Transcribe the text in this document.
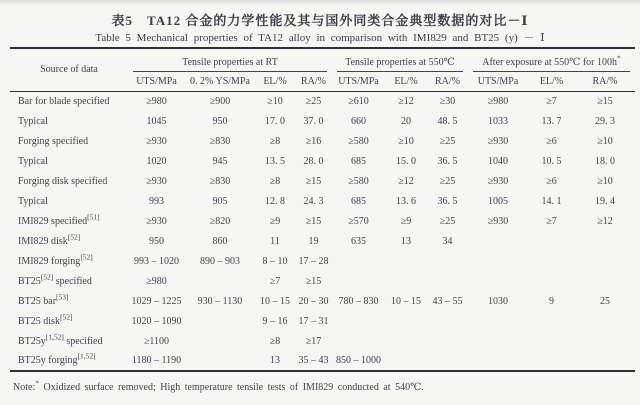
表5　TA12 合金的力学性能及其与国外同类合金典型数据的对比－Ⅰ
Table 5 Mechanical properties of TA12 alloy in comparison with IMI829 and BT25 (y) － Ⅰ
Source of data	Tensile properties at RT				Tensile properties at 550℃			After exposure at 550℃ for 100h*

	UTS/MPa	0. 2% YS/MPa	EL/%	RA/%	UTS/MPa	EL/%	RA/%	UTS/MPa	EL/%	RA/%
Bar for blade specified	≥980	≥900	≥10	≥25	≥610	≥12	≥30	≥980	≥7	≥15
Typical	1045	950	17. 0	37. 0	660	20	48. 5	1033	13. 7	29. 3
Forging specified	≥930	≥830	≥8	≥16	≥580	≥10	≥25	≥930	≥6	≥10
Typical	1020	945	13. 5	28. 0	685	15. 0	36. 5	1040	10. 5	18. 0
Forging disk specified	≥930	≥830	≥8	≥15	≥580	≥12	≥25	≥930	≥6	≥10
Typical	993	905	12. 8	24. 3	685	13. 6	36. 5	1005	14. 1	19. 4
IMI829 specified[51]	≥930	≥820	≥9	≥15	≥570	≥9	≥25	≥930	≥7	≥12
IMI829 disk[52]	950	860	11	19	635	13	34			
IMI829 forging[52]	993 – 1020	890 – 903	8 – 10	17 – 28						
BT25[52] specified	≥980		≥7	≥15						
BT25 bar[53]	1029 – 1225	930 – 1130	10 – 15	20 – 30	780 – 830	10 – 15	43 – 55	1030	9	25
BT25 disk[52]	1020 – 1090		9 – 16	17 – 31						
BT25y[1,52] specified	≥1100		≥8	≥17						
BT25y forging[1,52]	1180 – 1190		13	35 – 43	850 – 1000					
Note:* Oxidized surface removed; High temperature tensile tests of IMI829 conducted at 540℃.
